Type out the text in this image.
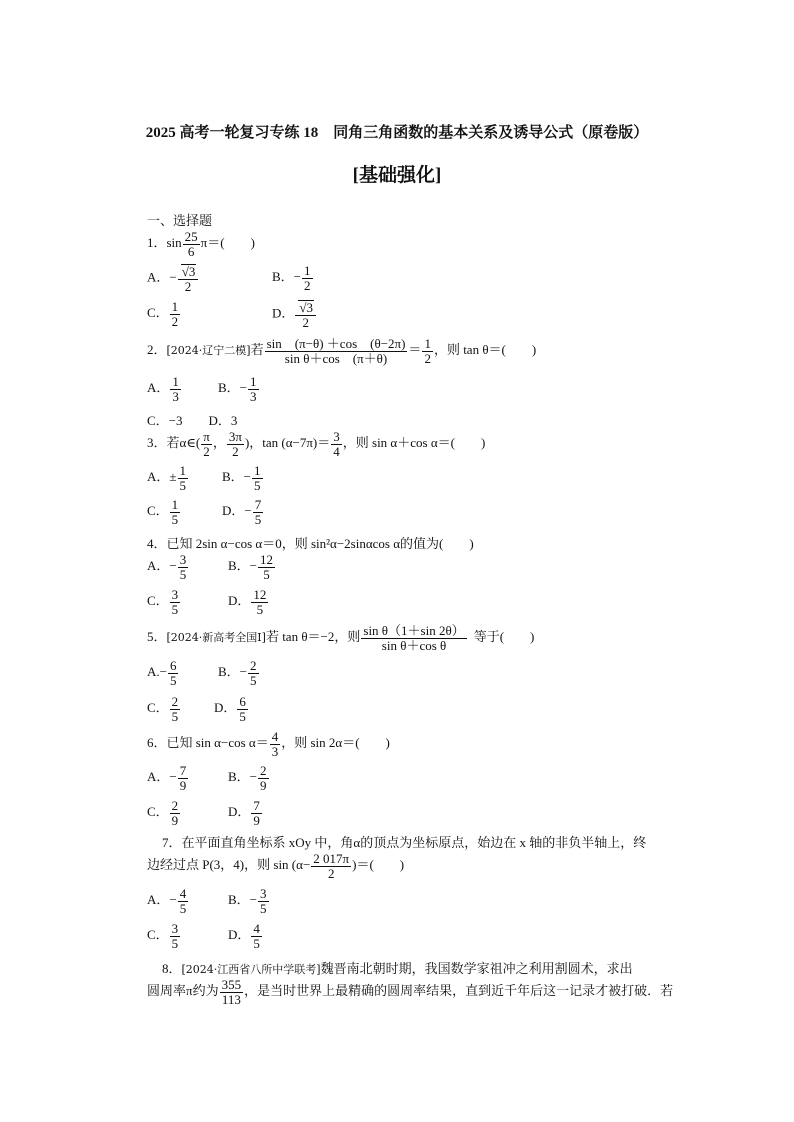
2025 高考一轮复习专练 18　同角三角函数的基本关系及诱导公式（原卷版）
[基础强化]
一、选择题
1．$\sin \frac{25}{6} \pi=$(　　)
A．− $\frac{√3}{2}$	B．− $\frac{1}{2}$
C． $\frac{1}{2}$	D． $\frac{√3}{2}$
2．[2024·辽宁二模]若 $\frac{\sin (\pi-\theta) +\cos (\theta-2\pi)}{\text{sin θ＋cos　(π＋θ)}} = \frac{1}{2}$ ，则 tan θ＝(　　)
A． $\frac{1}{3}$	B．− $\frac{1}{3}$
C．−3　　D．3
3．若α∈( $\frac{\pi}{2}$ ， $\frac{3\pi}{2}$ )，$\tan (\alpha-7\pi)= \frac{3}{4}$ ，则 sin α＋cos α＝(　　)
A．± $\frac{1}{5}$	B．− $\frac{1}{5}$
C． $\frac{1}{5}$	D．− $\frac{7}{5}$
4．已知 2sin α−cos α＝0，则 sin²α−2sinαcos α的值为(　　)
A．− $\frac{3}{5}$	B．− $\frac{12}{5}$
C． $\frac{3}{5}$	D． $\frac{12}{5}$
5．[2024·新高考全国Ⅰ]若 tan θ＝−2，则 $\frac{\text{sin θ（1＋sin 2θ）}}{\text{sin θ＋cos θ}}$ 等于(　　)
$A.- \frac{6}{5}$	B．− $\frac{2}{5}$
C． $\frac{2}{5}$	D． $\frac{6}{5}$
6．已知 sin α−cos $\alpha= \frac{4}{3}$ ，则 sin 2α＝(　　)
A．− $\frac{7}{9}$	B．− $\frac{2}{9}$
C． $\frac{2}{9}$	D． $\frac{7}{9}$
7．在平面直角坐标系 xOy 中，角α的顶点为坐标原点，始边在 x 轴的非负半轴上，终
边经过点 P(3，4)，则 $\sin (\alpha- \frac{2 017\pi}{2}$ )＝(　　)
A．− $\frac{4}{5}$	B．− $\frac{3}{5}$
C． $\frac{3}{5}$	D． $\frac{4}{5}$
8．[2024·江西省八所中学联考]魏晋南北朝时期，我国数学家祖冲之利用割圆术，求出
圆周率π约为 $\frac{355}{113}$ ，是当时世界上最精确的圆周率结果，直到近千年后这一记录才被打破．若
